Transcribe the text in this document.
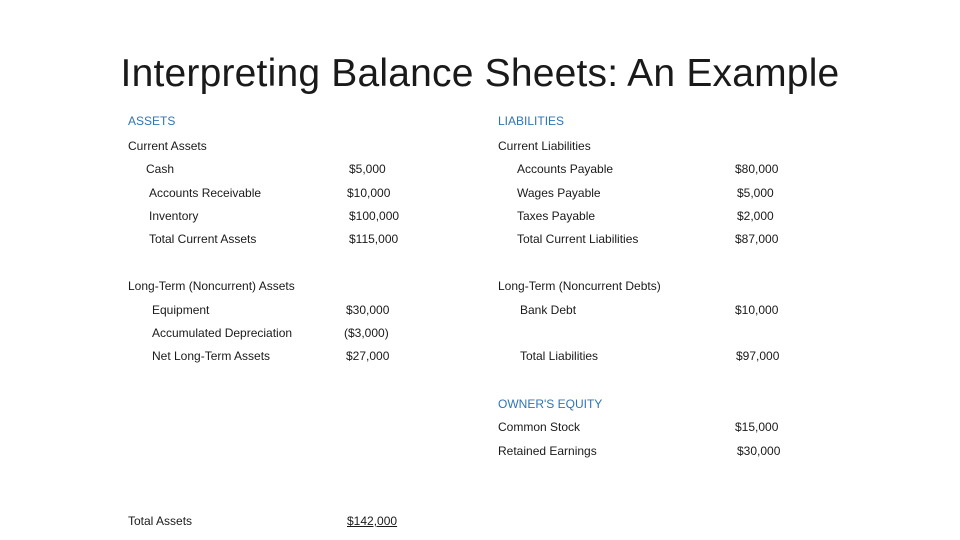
Interpreting Balance Sheets: An Example
ASSETS
Current Assets
Cash	$5,000
Accounts Receivable	$10,000
Inventory	$100,000
Total Current Assets	$115,000
Long-Term (Noncurrent) Assets
Equipment	$30,000
Accumulated Depreciation	($3,000)
Net Long-Term Assets	$27,000
Total Assets	$142,000
LIABILITIES
Current Liabilities
Accounts Payable	$80,000
Wages Payable	$5,000
Taxes Payable	$2,000
Total Current Liabilities	$87,000
Long-Term (Noncurrent Debts)
Bank Debt	$10,000
Total Liabilities	$97,000
OWNER'S EQUITY
Common Stock	$15,000
Retained Earnings	$30,000
